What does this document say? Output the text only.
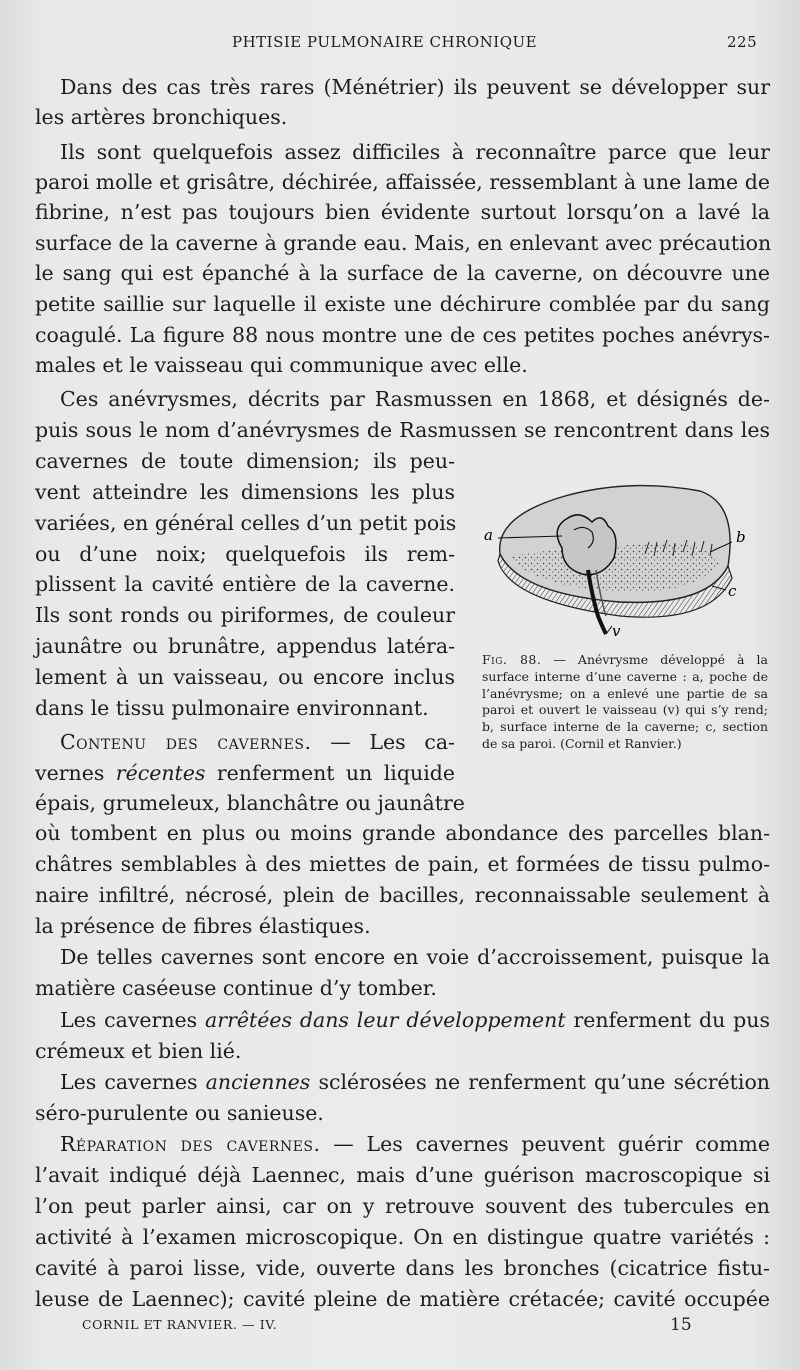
PHTISIE PULMONAIRE CHRONIQUE	225
Dans des cas très rares (Ménétrier) ils peuvent se développer sur
les artères bronchiques.
Ils sont quelquefois assez difficiles à reconnaître parce que leur
paroi molle et grisâtre, déchirée, affaissée, ressemblant à une lame de
fibrine, n’est pas toujours bien évidente surtout lorsqu’on a lavé la
surface de la caverne à grande eau. Mais, en enlevant avec précaution
le sang qui est épanché à la surface de la caverne, on découvre une
petite saillie sur laquelle il existe une déchirure comblée par du sang
coagulé. La figure 88 nous montre une de ces petites poches anévrys-
males et le vaisseau qui communique avec elle.
Ces anévrysmes, décrits par Rasmussen en 1868, et désignés de-
puis sous le nom d’anévrysmes de Rasmussen se rencontrent dans les
cavernes de toute dimension; ils peu-
vent atteindre les dimensions les plus
variées, en général celles d’un petit pois
ou d’une noix; quelquefois ils rem-
plissent la cavité entière de la caverne.
Ils sont ronds ou piriformes, de couleur
jaunâtre ou brunâtre, appendus latéra-
lement à un vaisseau, ou encore inclus
dans le tissu pulmonaire environnant.
Contenu des cavernes. — Les ca-
vernes récentes renferment un liquide
épais, grumeleux, blanchâtre ou jaunâtre
où tombent en plus ou moins grande abondance des parcelles blan-
châtres semblables à des miettes de pain, et formées de tissu pulmo-
naire infiltré, nécrosé, plein de bacilles, reconnaissable seulement à
la présence de fibres élastiques.
De telles cavernes sont encore en voie d’accroissement, puisque la
matière caséeuse continue d’y tomber.
Les cavernes arrêtées dans leur développement renferment du pus
crémeux et bien lié.
Les cavernes anciennes sclérosées ne renferment qu’une sécrétion
séro-purulente ou sanieuse.
Réparation des cavernes. — Les cavernes peuvent guérir comme
l’avait indiqué déjà Laennec, mais d’une guérison macroscopique si
l’on peut parler ainsi, car on y retrouve souvent des tubercules en
activité à l’examen microscopique. On en distingue quatre variétés :
cavité à paroi lisse, vide, ouverte dans les bronches (cicatrice fistu-
leuse de Laennec); cavité pleine de matière crétacée; cavité occupée
a	b
c
v
Fig. 88. — Anévrysme développé à la surface interne d’une caverne : a, poche de l’anévrysme; on a enlevé une partie de sa paroi et ouvert le vaisseau (v) qui s’y rend; b, surface interne de la caverne; c, section de sa paroi. (Cornil et Ranvier.)
CORNIL ET RANVIER. — IV.	15
